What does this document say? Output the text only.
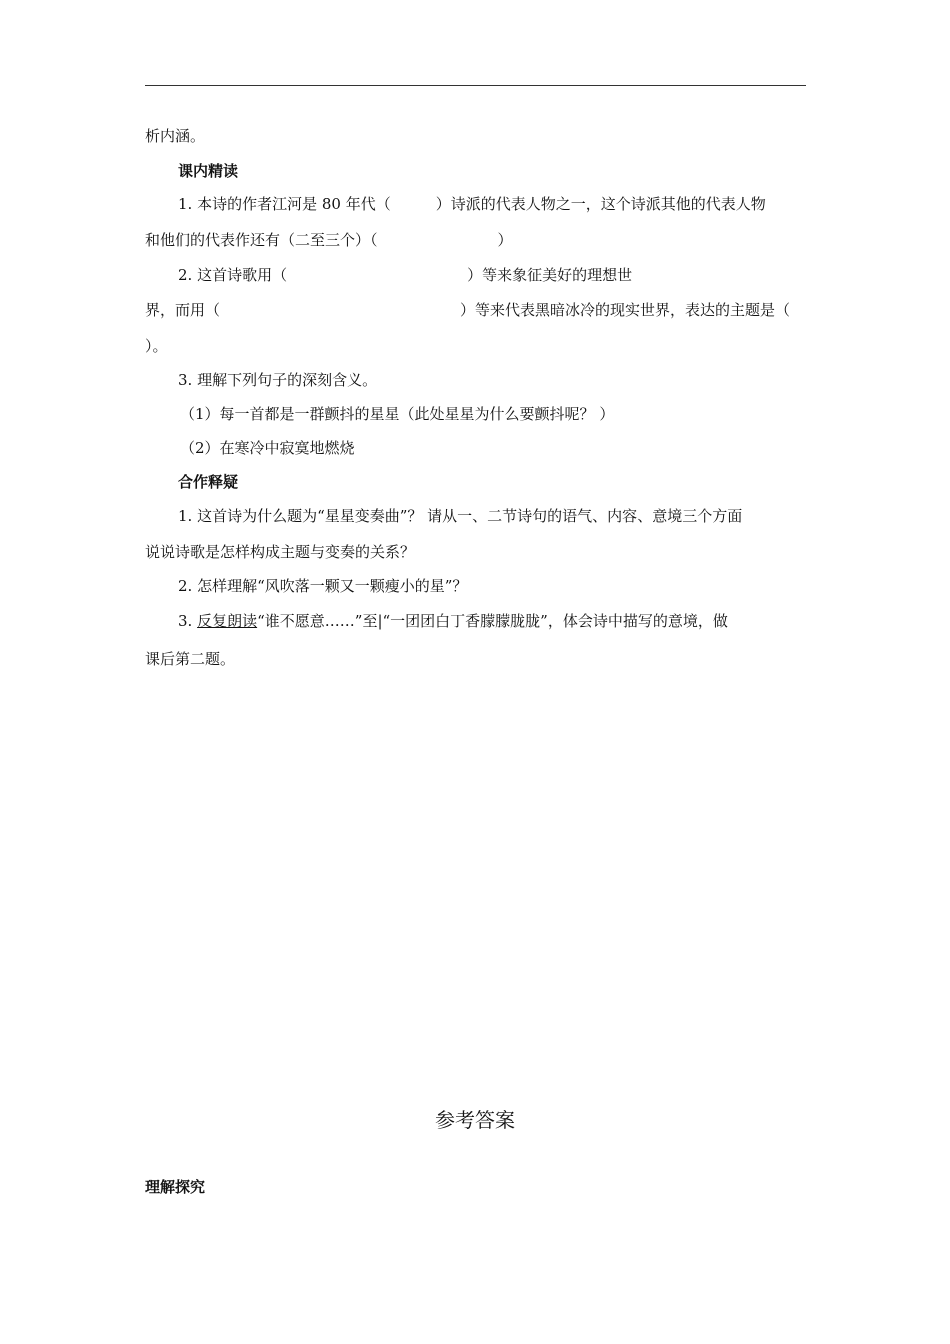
析内涵。
课内精读
1. 本诗的作者江河是 80 年代（　　　）诗派的代表人物之一，这个诗派其他的代表人物
和他们的代表作还有（二至三个）（　　　　　　　　）
2. 这首诗歌用（　　　　　　　　　　　　）等来象征美好的理想世
界，而用（　　　　　　　　　　　　　　　　）等来代表黑暗冰冷的现实世界，表达的主题是（
）。
3. 理解下列句子的深刻含义。
（1）每一首都是一群颤抖的星星（此处星星为什么要颤抖呢？ ）
（2）在寒冷中寂寞地燃烧
合作释疑
1. 这首诗为什么题为“星星变奏曲”？ 请从一、二节诗句的语气、内容、意境三个方面
说说诗歌是怎样构成主题与变奏的关系？
2. 怎样理解“风吹落一颗又一颗瘦小的星”？
3. 反复朗读“谁不愿意……”至|“一团团白丁香朦朦胧胧”，体会诗中描写的意境，做
课后第二题。
参考答案
理解探究
